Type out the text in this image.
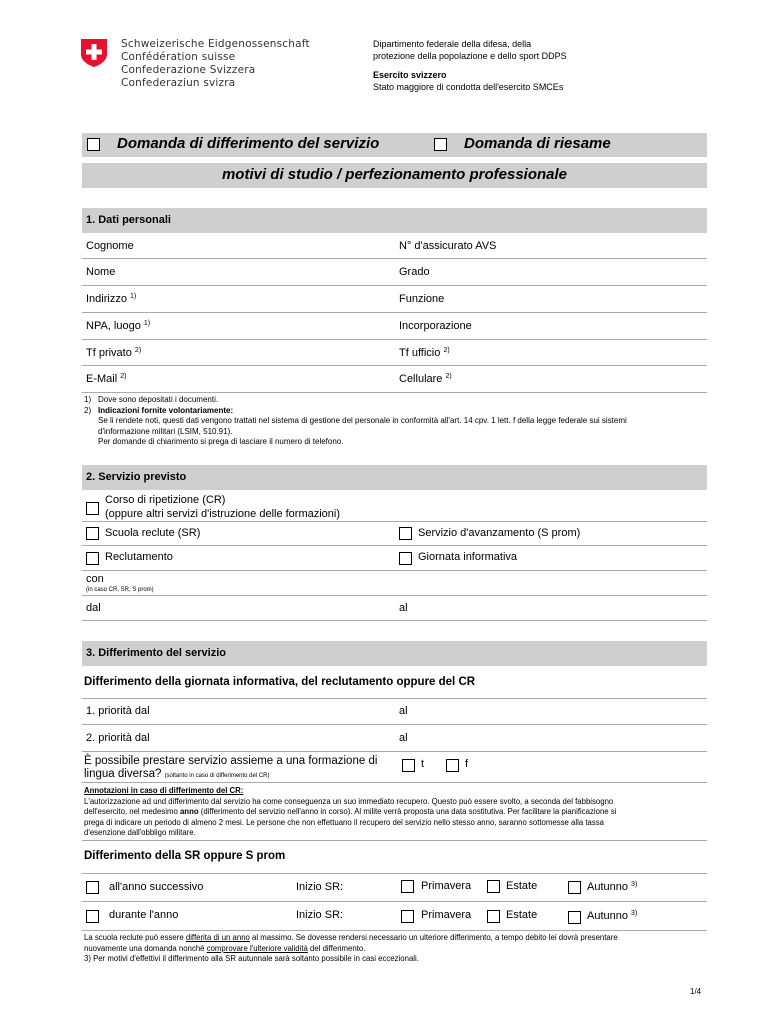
Schweizerische Eidgenossenschaft
Confédération suisse
Confederazione Svizzera
Confederaziun svizra
Dipartimento federale della difesa, della
protezione della popolazione e dello sport DDPS
Esercito svizzero
Stato maggiore di condotta dell'esercito SMCEs
Domanda di differimento del servizio	Domanda di riesame
motivi di studio / perfezionamento professionale
1. Dati personali
Cognome	N° d'assicurato AVS
Nome	Grado
Indirizzo $^{1)}$	Funzione
NPA, luogo $^{1)}$	Incorporazione
Tf privato $^{2)}$	Tf ufficio $^{2)}$
E-Mail $^{2)}$	Cellulare $^{2)}$
1) Dove sono depositati i documenti.
2) Indicazioni fornite volontariamente:
Se li rendete noti, questi dati vengono trattati nel sistema di gestione del personale in conformità all'art. 14 cpv. 1 lett. f della legge federale sui sistemi
d'informazione militari (LSIM, 510.91).
Per domande di chiarimento si prega di lasciare il numero di telefono.
2. Servizio previsto
Corso di ripetizione (CR)
(oppure altri servizi d'istruzione delle formazioni)
Scuola reclute (SR)	Servizio d'avanzamento (S prom)
Reclutamento	Giornata informativa
con
(in caso CR, SR, S prom)
dal	al
3. Differimento del servizio
Differimento della giornata informativa, del reclutamento oppure del CR
1. priorità dal	al
2. priorità dal	al
È possibile prestare servizio assieme a una formazione di
lingua diversa? (soltanto in caso di differimento del CR)
t	f
Annotazioni in caso di differimento del CR:
L'autorizzazione ad und differimento dal servizio ha come conseguenza un suo immediato recupero. Questo può essere svolto, a seconda del fabbisogno
dell'esercito, nel medesimo anno (differimento del servizio nell'anno in corso). Al milite verrà proposta una data sostitutiva. Per facilitare la pianificazione si
prega di indicare un periodo di almeno 2 mesi. Le persone che non effettuano il recupero del servizio nello stesso anno, saranno sottomesse alla tassa
d'esenzione dall'obbligo militare.
Differimento della SR oppure S prom
all'anno successivo	Inizio SR:	Primavera	Estate	Autunno $^{3)}$
durante l'anno	Inizio SR:	Primavera	Estate	Autunno $^{3)}$
La scuola reclute può essere differita di un anno al massimo. Se dovesse rendersi necessario un ulteriore differimento, a tempo debito lei dovrà presentare
nuovamente una domanda nonché comprovare l'ulteriore validità del differimento.
3) Per motivi d'effettivi il differimento alla SR autunnale sarà soltanto possibile in casi eccezionali.
1/4
